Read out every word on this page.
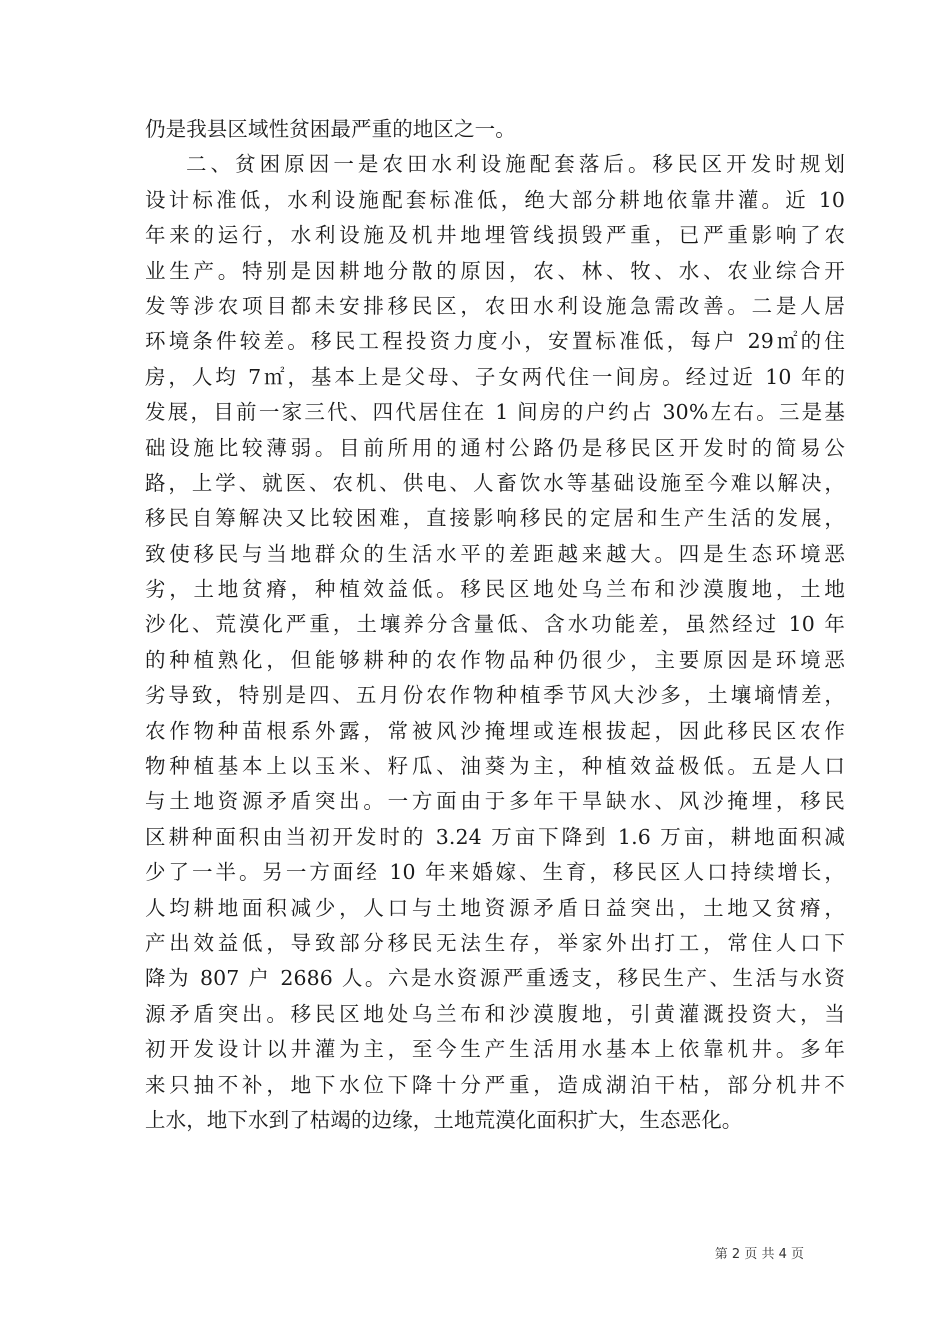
仍是我县区域性贫困最严重的地区之一。
二、贫困原因一是农田水利设施配套落后。移民区开发时规划
设计标准低，水利设施配套标准低，绝大部分耕地依靠井灌。近 10
年来的运行，水利设施及机井地埋管线损毁严重，已严重影响了农
业生产。特别是因耕地分散的原因，农、林、牧、水、农业综合开
发等涉农项目都未安排移民区，农田水利设施急需改善。二是人居
环境条件较差。移民工程投资力度小，安置标准低，每户 29㎡的住
房，人均 7㎡，基本上是父母、子女两代住一间房。经过近 10 年的
发展，目前一家三代、四代居住在 1 间房的户约占 30%左右。三是基
础设施比较薄弱。目前所用的通村公路仍是移民区开发时的简易公
路，上学、就医、农机、供电、人畜饮水等基础设施至今难以解决，
移民自筹解决又比较困难，直接影响移民的定居和生产生活的发展，
致使移民与当地群众的生活水平的差距越来越大。四是生态环境恶
劣，土地贫瘠，种植效益低。移民区地处乌兰布和沙漠腹地，土地
沙化、荒漠化严重，土壤养分含量低、含水功能差，虽然经过 10 年
的种植熟化，但能够耕种的农作物品种仍很少，主要原因是环境恶
劣导致，特别是四、五月份农作物种植季节风大沙多，土壤墒情差，
农作物种苗根系外露，常被风沙掩埋或连根拔起，因此移民区农作
物种植基本上以玉米、籽瓜、油葵为主，种植效益极低。五是人口
与土地资源矛盾突出。一方面由于多年干旱缺水、风沙掩埋，移民
区耕种面积由当初开发时的 3.24 万亩下降到 1.6 万亩，耕地面积减
少了一半。另一方面经 10 年来婚嫁、生育，移民区人口持续增长，
人均耕地面积减少，人口与土地资源矛盾日益突出，土地又贫瘠，
产出效益低，导致部分移民无法生存，举家外出打工，常住人口下
降为 807 户 2686 人。六是水资源严重透支，移民生产、生活与水资
源矛盾突出。移民区地处乌兰布和沙漠腹地，引黄灌溉投资大，当
初开发设计以井灌为主，至今生产生活用水基本上依靠机井。多年
来只抽不补，地下水位下降十分严重，造成湖泊干枯，部分机井不
上水，地下水到了枯竭的边缘，土地荒漠化面积扩大，生态恶化。
第 2 页 共 4 页
